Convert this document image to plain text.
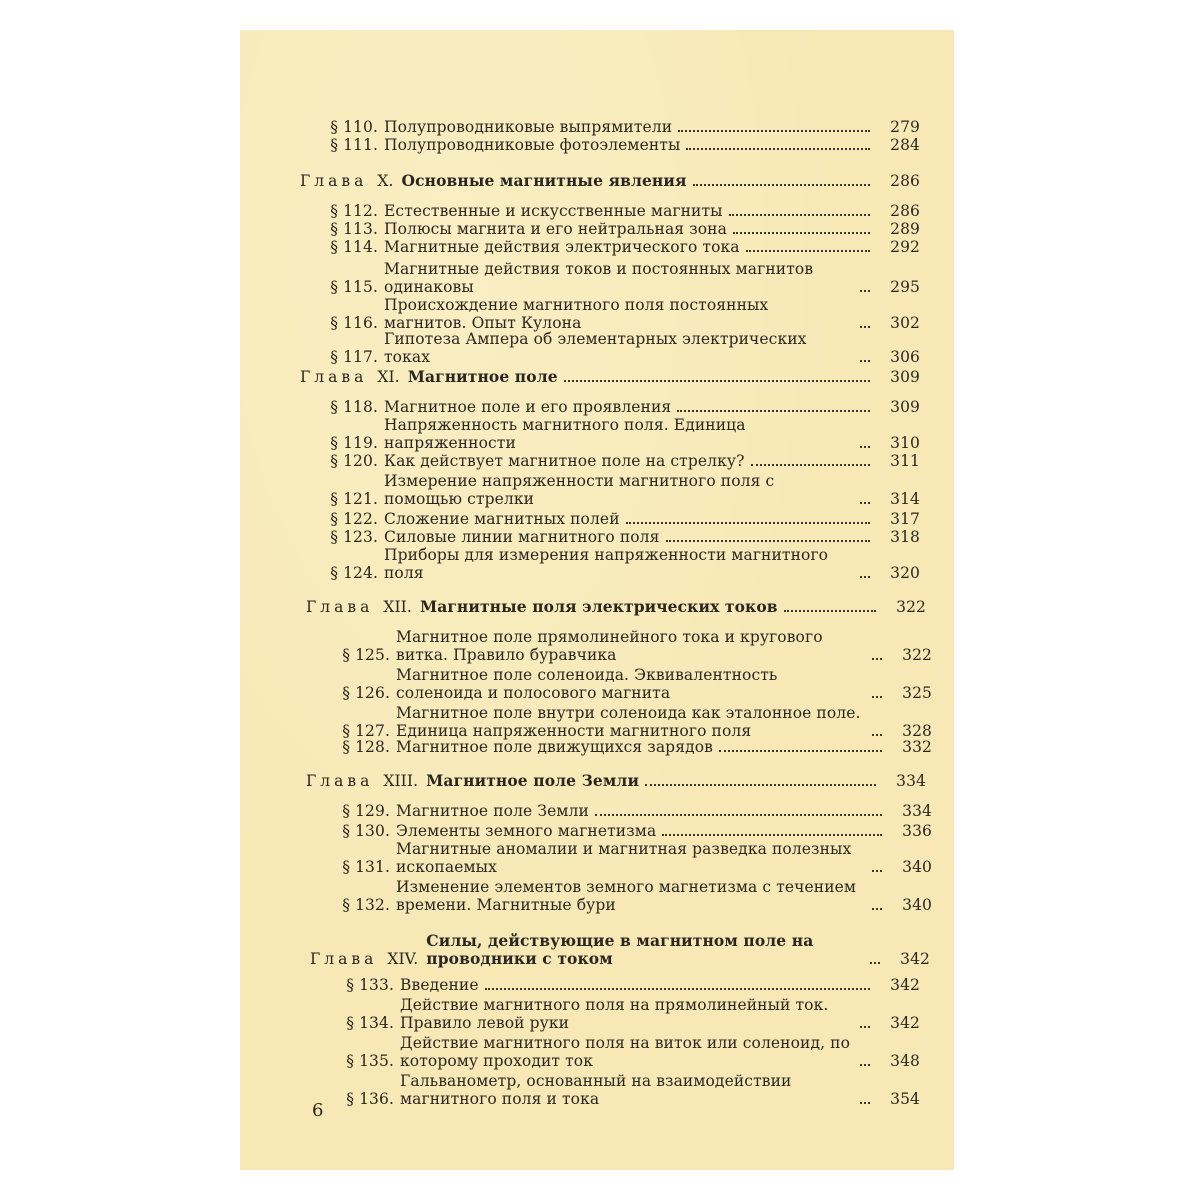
§ 110. Полупроводниковые выпрямители	279
§ 111. Полупроводниковые фотоэлементы	284
Глава X. Основные магнитные явления	286
§ 112. Естественные и искусственные магниты	286
§ 113. Полюсы магнита и его нейтральная зона	289
§ 114. Магнитные действия электрического тока	292
§ 115.
Магнитные действия токов и постоянных магнитов одинаковы	295
§ 116.
Происхождение магнитного поля постоянных магнитов. Опыт Кулона	302
§ 117.
Гипотеза Ампера об элементарных электрических токах	306
Глава XI. Магнитное поле	309
§ 118. Магнитное поле и его проявления	309
§ 119.
Напряженность магнитного поля. Единица напряженности	310
§ 120. Как действует магнитное поле на стрелку?	311
§ 121.
Измерение напряженности магнитного поля с помощью стрелки	314
§ 122. Сложение магнитных полей	317
§ 123. Силовые линии магнитного поля	318
§ 124.
Приборы для измерения напряженности магнитного поля	320
Глава XII. Магнитные поля электрических токов	322
§ 125.
Магнитное поле прямолинейного тока и кругового витка. Правило буравчика	322
§ 126.
Магнитное поле соленоида. Эквивалентность соленоида и полосового магнита	325
§ 127.
Магнитное поле внутри соленоида как эталонное поле. Единица напряженности магнитного поля	328
§ 128. Магнитное поле движущихся зарядов	332
Глава XIII. Магнитное поле Земли	334
§ 129. Магнитное поле Земли	334
§ 130. Элементы земного магнетизма	336
§ 131.
Магнитные аномалии и магнитная разведка полезных ископаемых	340
§ 132.
Изменение элементов земного магнетизма с течением времени. Магнитные бури	340
Глава XIV.
Силы, действующие в магнитном поле на проводники с током	342
§ 133. Введение	342
§ 134.
Действие магнитного поля на прямолинейный ток. Правило левой руки	342
§ 135.
Действие магнитного поля на виток или соленоид, по которому проходит ток	348
§ 136.
Гальванометр, основанный на взаимодействии магнитного поля и тока	354
6
